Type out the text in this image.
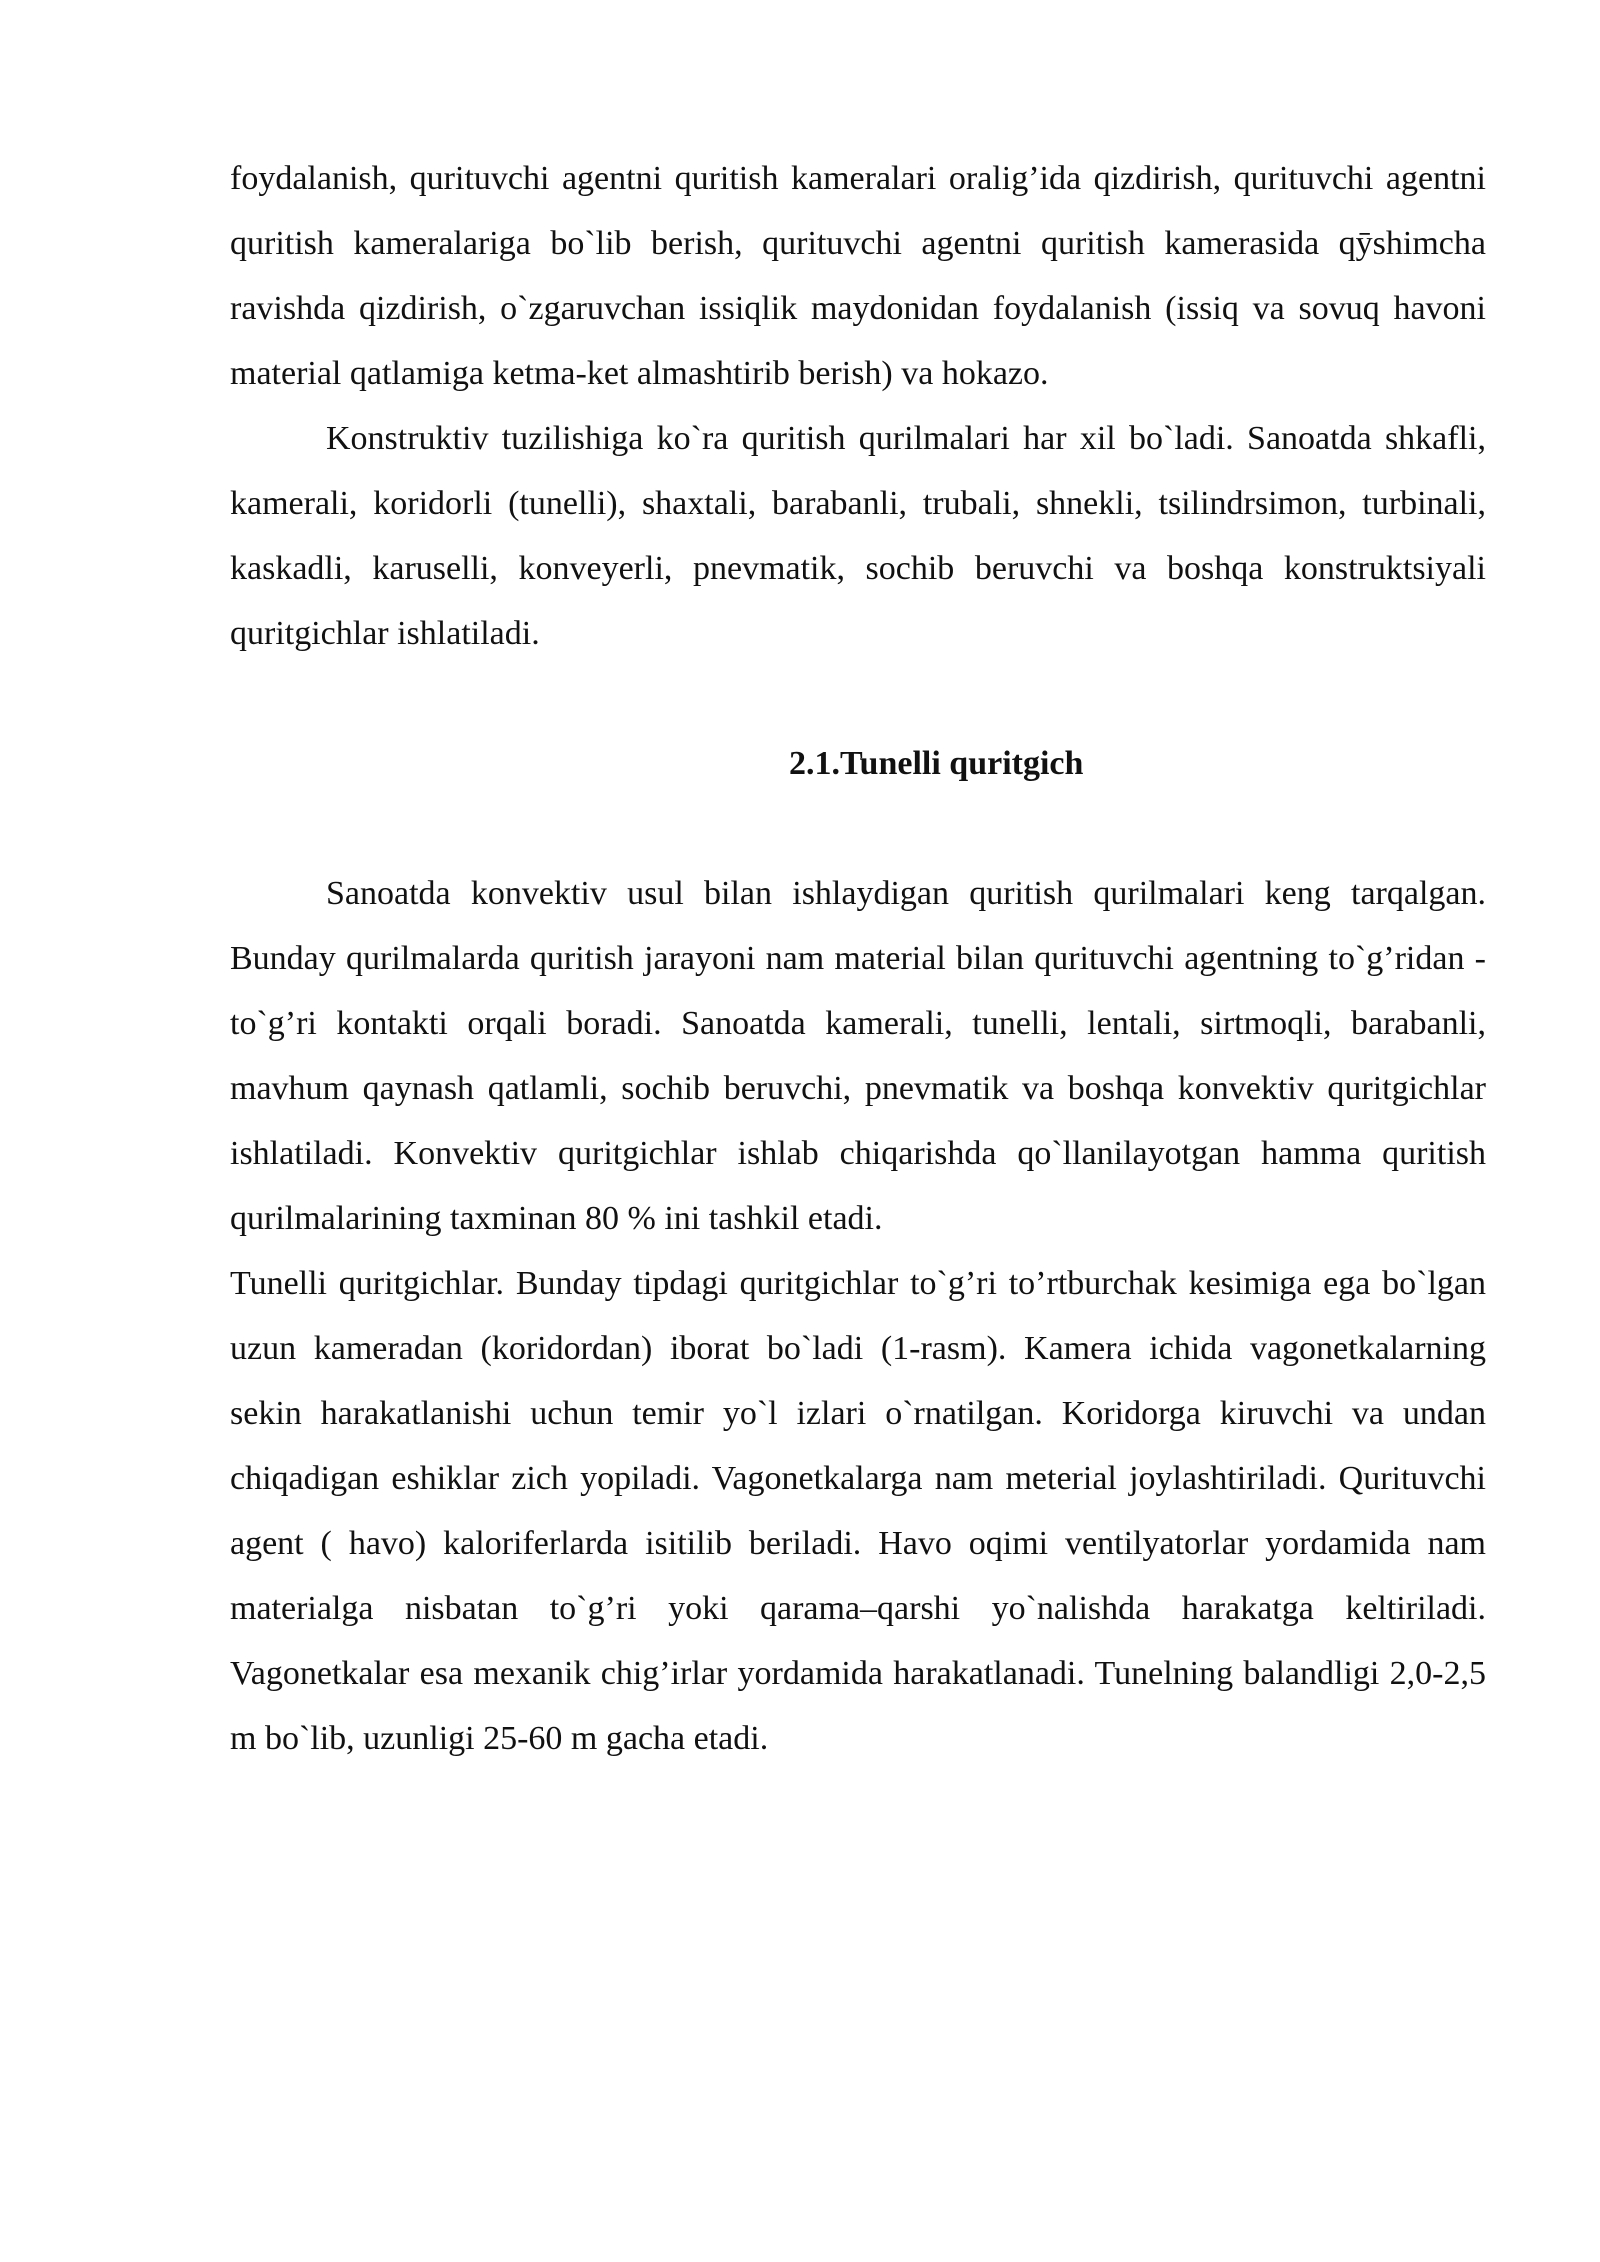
foydalanish, qurituvchi agentni quritish kameralari oralig’ida qizdirish, qurituvchi agentni quritish kameralariga bo`lib berish, qurituvchi agentni quritish kamerasida qӯshimcha ravishda qizdirish, o`zgaruvchan issiqlik maydonidan foydalanish (issiq va sovuq havoni material qatlamiga ketma-ket almashtirib berish) va hokazo.

Konstruktiv tuzilishiga ko`ra quritish qurilmalari har xil bo`ladi. Sanoatda shkafli, kamerali, koridorli (tunelli), shaxtali, barabanli, trubali, shnekli, tsilindrsimon, turbinali, kaskadli, karuselli, konveyerli, pnevmatik, sochib beruvchi va boshqa konstruktsiyali quritgichlar ishlatiladi.

2.1.Tunelli quritgich

Sanoatda konvektiv usul bilan ishlaydigan quritish qurilmalari keng tarqalgan. Bunday qurilmalarda quritish jarayoni nam material bilan qurituvchi agentning to`g’ridan - to`g’ri kontakti orqali boradi. Sanoatda kamerali, tunelli, lentali, sirtmoqli, barabanli, mavhum qaynash qatlamli, sochib beruvchi, pnevmatik va boshqa konvektiv quritgichlar ishlatiladi. Konvektiv quritgichlar ishlab chiqarishda qo`llanilayotgan hamma quritish qurilmalarining taxminan 80 % ini tashkil etadi.

Tunelli quritgichlar. Bunday tipdagi quritgichlar to`g’ri to’rtburchak kesimiga ega bo`lgan uzun kameradan (koridordan) iborat bo`ladi (1-rasm). Kamera ichida vagonetkalarning sekin harakatlanishi uchun temir yo`l izlari o`rnatilgan. Koridorga kiruvchi va undan chiqadigan eshiklar zich yopiladi. Vagonetkalarga nam meterial joylashtiriladi. Qurituvchi agent ( havo) kaloriferlarda isitilib beriladi. Havo oqimi ventilyatorlar yordamida nam materialga nisbatan to`g’ri yoki qarama–qarshi yo`nalishda harakatga keltiriladi. Vagonetkalar esa mexanik chig’irlar yordamida harakatlanadi. Tunelning balandligi 2,0-2,5 m bo`lib, uzunligi 25-60 m gacha etadi.
